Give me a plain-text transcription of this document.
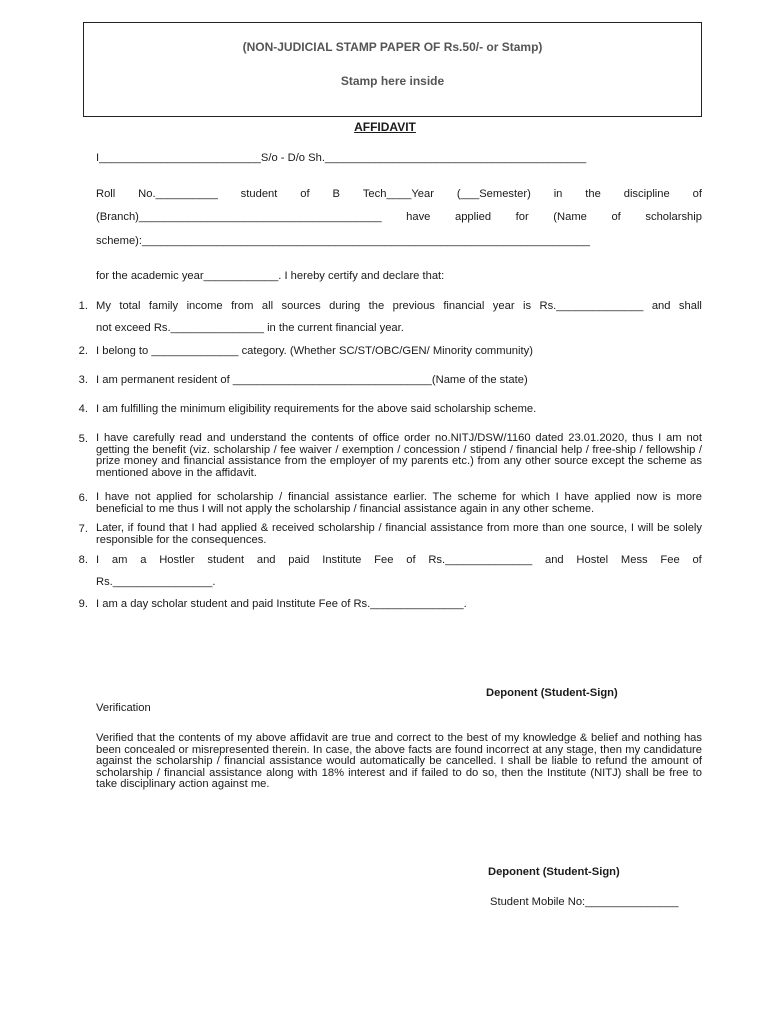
(NON-JUDICIAL STAMP PAPER OF Rs.50/- or Stamp)
Stamp here inside
AFFIDAVIT
I__________________________S/o - D/o Sh.__________________________________________
Roll No.__________ student of B Tech____Year (___Semester) in the discipline of
(Branch)_______________________________________ have applied for (Name of scholarship
scheme):________________________________________________________________________
for the academic year____________. I hereby certify and declare that:
1. My total family income from all sources during the previous financial year is Rs.______________ and shall
not exceed Rs._______________ in the current financial year.
2. I belong to ______________ category. (Whether SC/ST/OBC/GEN/ Minority community)
3. I am permanent resident of ________________________________(Name of the state)
4. I am fulfilling the minimum eligibility requirements for the above said scholarship scheme.
5. I have carefully read and understand the contents of office order no.NITJ/DSW/1160 dated 23.01.2020, thus I am not getting the benefit (viz. scholarship / fee waiver / exemption / concession / stipend / financial help / free-ship / fellowship / prize money and financial assistance from the employer of my parents etc.) from any other source except the scheme as mentioned above in the affidavit.
6. I have not applied for scholarship / financial assistance earlier. The scheme for which I have applied now is more beneficial to me thus I will not apply the scholarship / financial assistance again in any other scheme.
7. Later, if found that I had applied & received scholarship / financial assistance from more than one source, I will be solely responsible for the consequences.
8. I am a Hostler student and paid Institute Fee of Rs.______________ and Hostel Mess Fee of
Rs.________________.
9. I am a day scholar student and paid Institute Fee of Rs._______________.
Deponent (Student-Sign)
Verification
Verified that the contents of my above affidavit are true and correct to the best of my knowledge & belief and nothing has been concealed or misrepresented therein. In case, the above facts are found incorrect at any stage, then my candidature against the scholarship / financial assistance would automatically be cancelled. I shall be liable to refund the amount of scholarship / financial assistance along with 18% interest and if failed to do so, then the Institute (NITJ) shall be free to take disciplinary action against me.
Deponent (Student-Sign)
Student Mobile No:_______________
